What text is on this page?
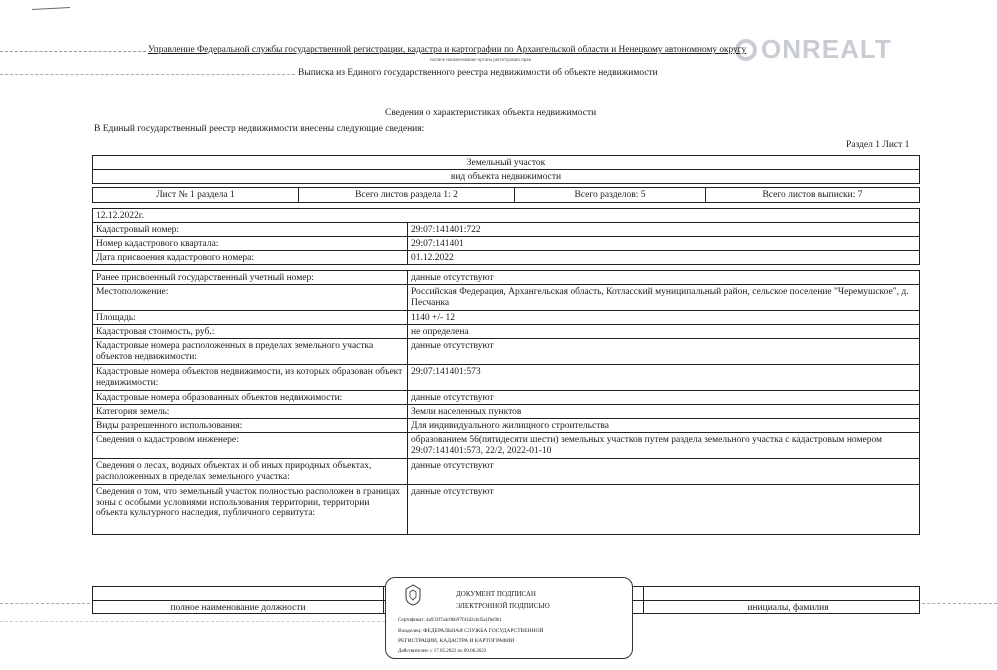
ONREALT
Управление Федеральной службы государственной регистрации, кадастра и картографии по Архангельской области и Ненецкому автономному округу
полное наименование органа регистрации прав
Выписка из Единого государственного реестра недвижимости об объекте недвижимости
Сведения о характеристиках объекта недвижимости
В Единый государственный реестр недвижимости внесены следующие сведения:
Раздел 1 Лист 1
Земельный участок
вид объекта недвижимости
Лист № 1 раздела 1	Всего листов раздела 1: 2	Всего разделов: 5	Всего листов выписки: 7
12.12.2022г.
Кадастровый номер:	29:07:141401:722
Номер кадастрового квартала:	29:07:141401
Дата присвоения кадастрового номера:	01.12.2022
Ранее присвоенный государственный учетный номер:	данные отсутствуют
Местоположение:	Российская Федерация, Архангельская область, Котласский муниципальный район, сельское поселение "Черемушское", д. Песчанка
Площадь:	1140 +/- 12
Кадастровая стоимость, руб.:	не определена
Кадастровые номера расположенных в пределах земельного участка объектов недвижимости:
данные отсутствуют
Кадастровые номера объектов недвижимости, из которых образован объект недвижимости:
29:07:141401:573
Кадастровые номера образованных объектов недвижимости:	данные отсутствуют
Категория земель:	Земли населенных пунктов
Виды разрешенного использования:	Для индивидуального жилищного строительства
Сведения о кадастровом инженере:	образованием 56(пятидесяти шести) земельных участков путем раздела земельного участка с кадастровым номером 29:07:141401:573, 22/2, 2022-01-10
Сведения о лесах, водных объектах и об иных природных объектах, расположенных в пределах земельного участка:
данные отсутствуют
Сведения о том, что земельный участок полностью расположен в границах зоны с особыми условиями использования территории, территории объекта культурного наследия, публичного сервитута:
данные отсутствуют
полное наименование должности	инициалы, фамилия
ДОКУМЕНТ ПОДПИСАН
ЭЛЕКТРОННОЙ ПОДПИСЬЮ
Сертификат: 4a933f7a4c0bb97f41d2cbd5a1fbe9b1
Владелец: ФЕДЕРАЛЬНАЯ СЛУЖБА ГОСУДАРСТВЕННОЙ
РЕГИСТРАЦИИ, КАДАСТРА И КАРТОГРАФИИ
Действителен: с 17.05.2022 по 09.08.2023
